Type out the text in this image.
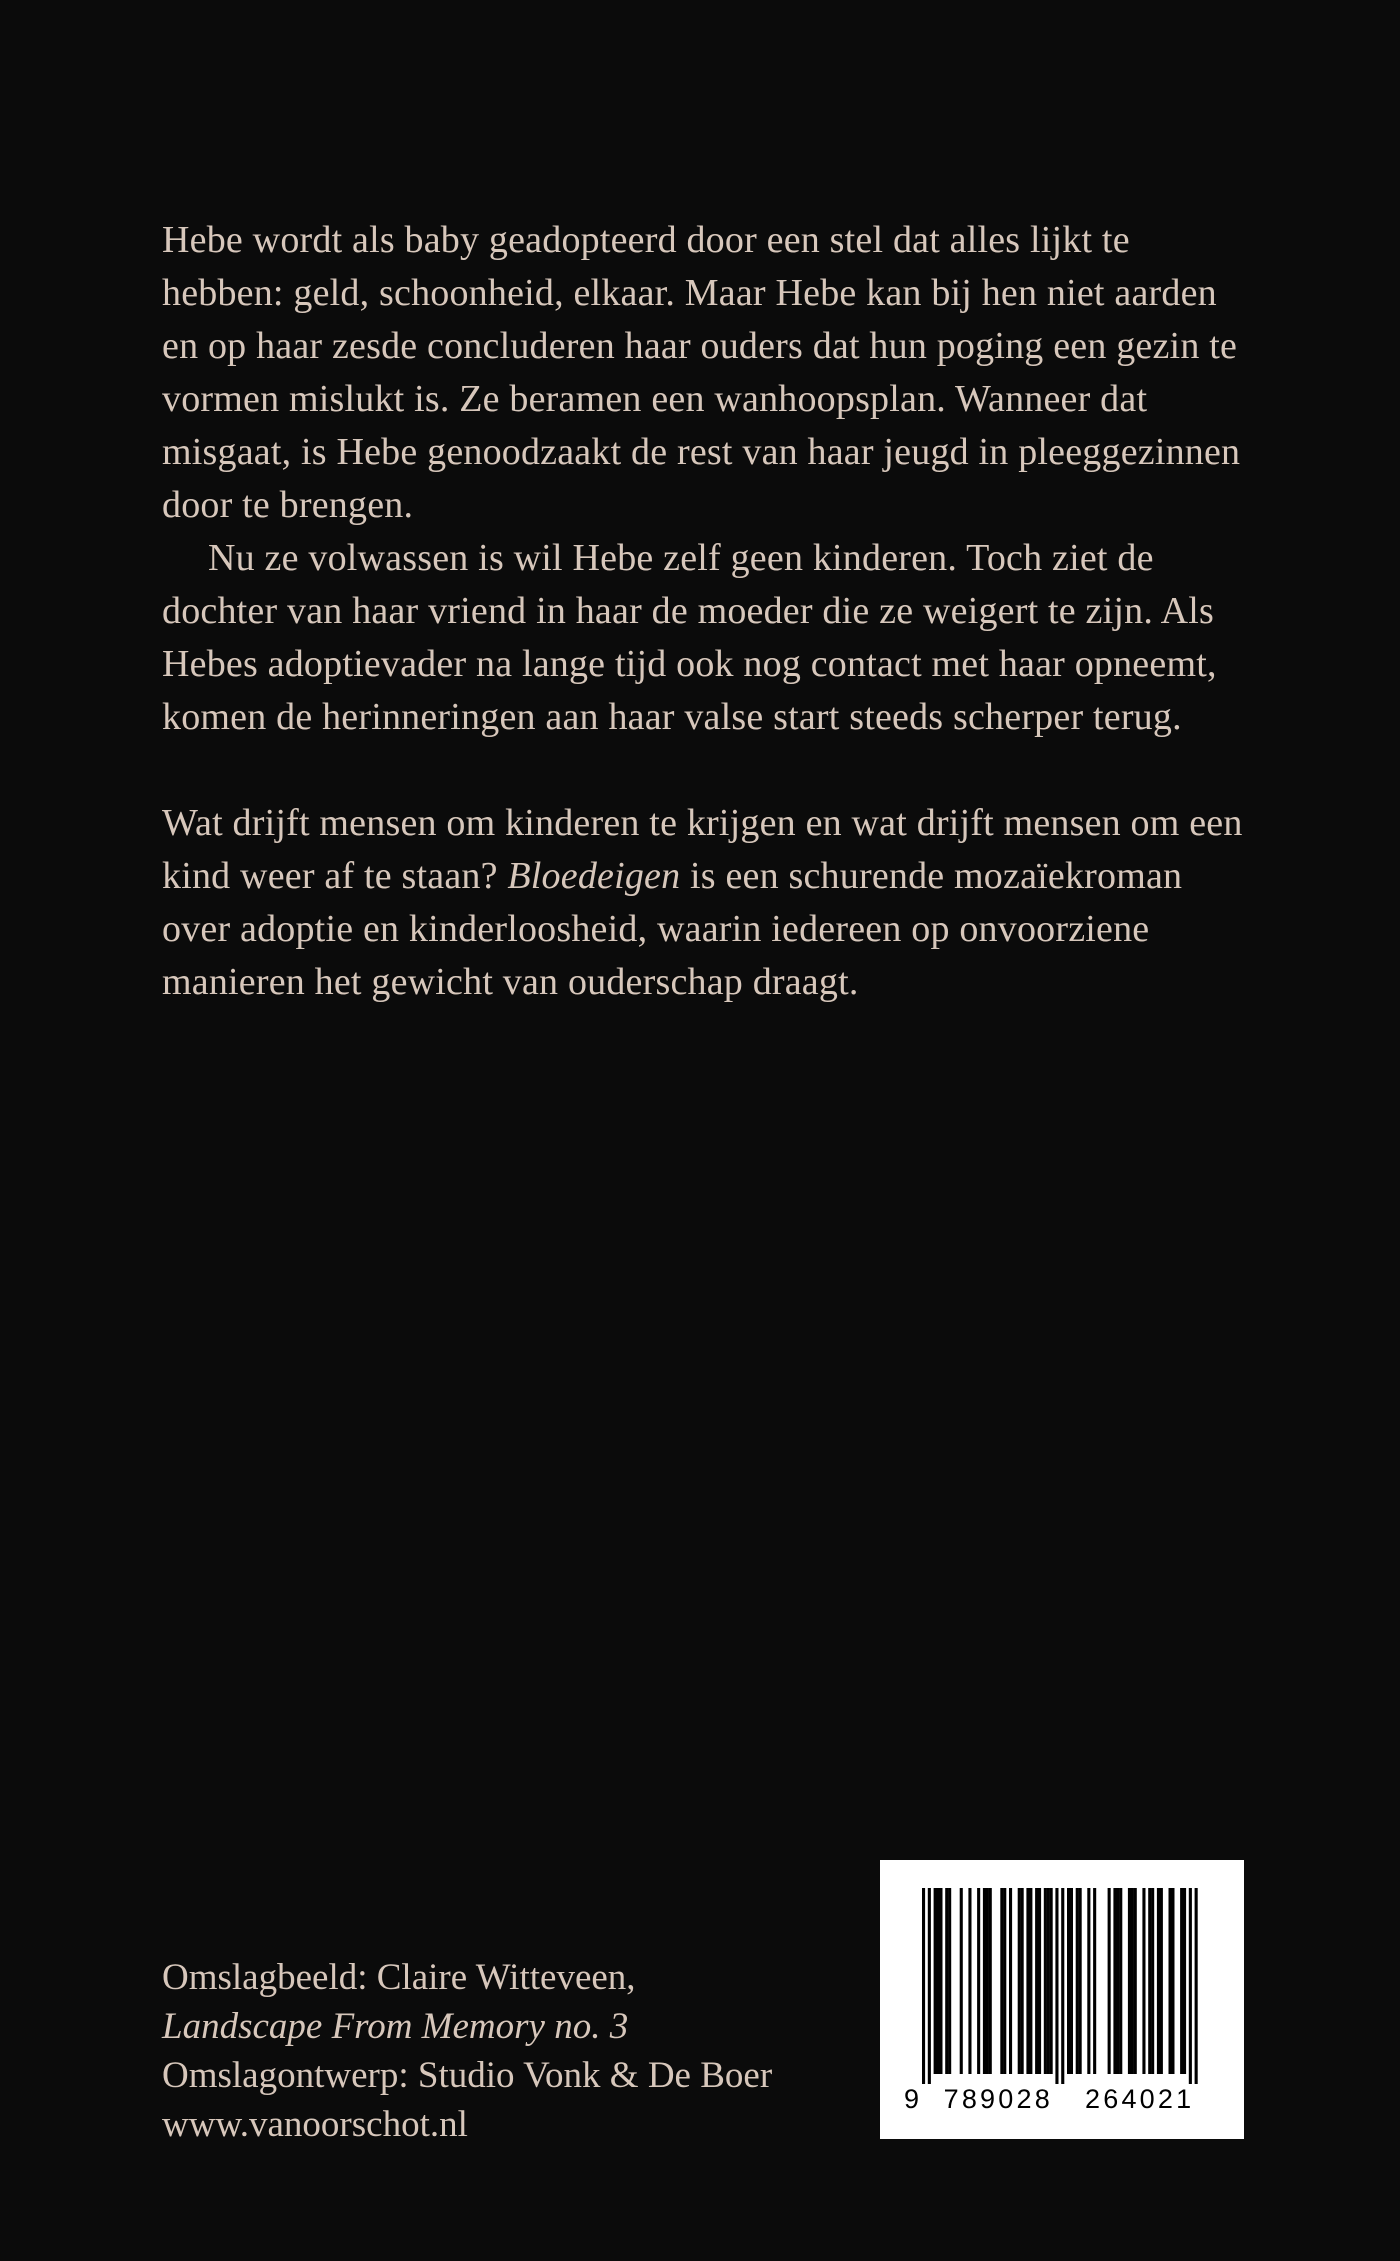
Hebe wordt als baby geadopteerd door een stel dat alles lijkt te hebben: geld, schoonheid, elkaar. Maar Hebe kan bij hen niet aarden en op haar zesde concluderen haar ouders dat hun poging een gezin te vormen mislukt is. Ze beramen een wanhoopsplan. Wanneer dat misgaat, is Hebe genoodzaakt de rest van haar jeugd in pleeggezinnen door te brengen.

Nu ze volwassen is wil Hebe zelf geen kinderen. Toch ziet de dochter van haar vriend in haar de moeder die ze weigert te zijn. Als Hebes adoptievader na lange tijd ook nog contact met haar opneemt, komen de herinneringen aan haar valse start steeds scherper terug.

Wat drijft mensen om kinderen te krijgen en wat drijft mensen om een kind weer af te staan? Bloedeigen is een schurende mozaïekroman over adoptie en kinderloosheid, waarin iedereen op onvoorziene manieren het gewicht van ouderschap draagt.

Omslagbeeld: Claire Witteveen,
Landscape From Memory no. 3
Omslagontwerp: Studio Vonk & De Boer
www.vanoorschot.nl
9 789028 264021
